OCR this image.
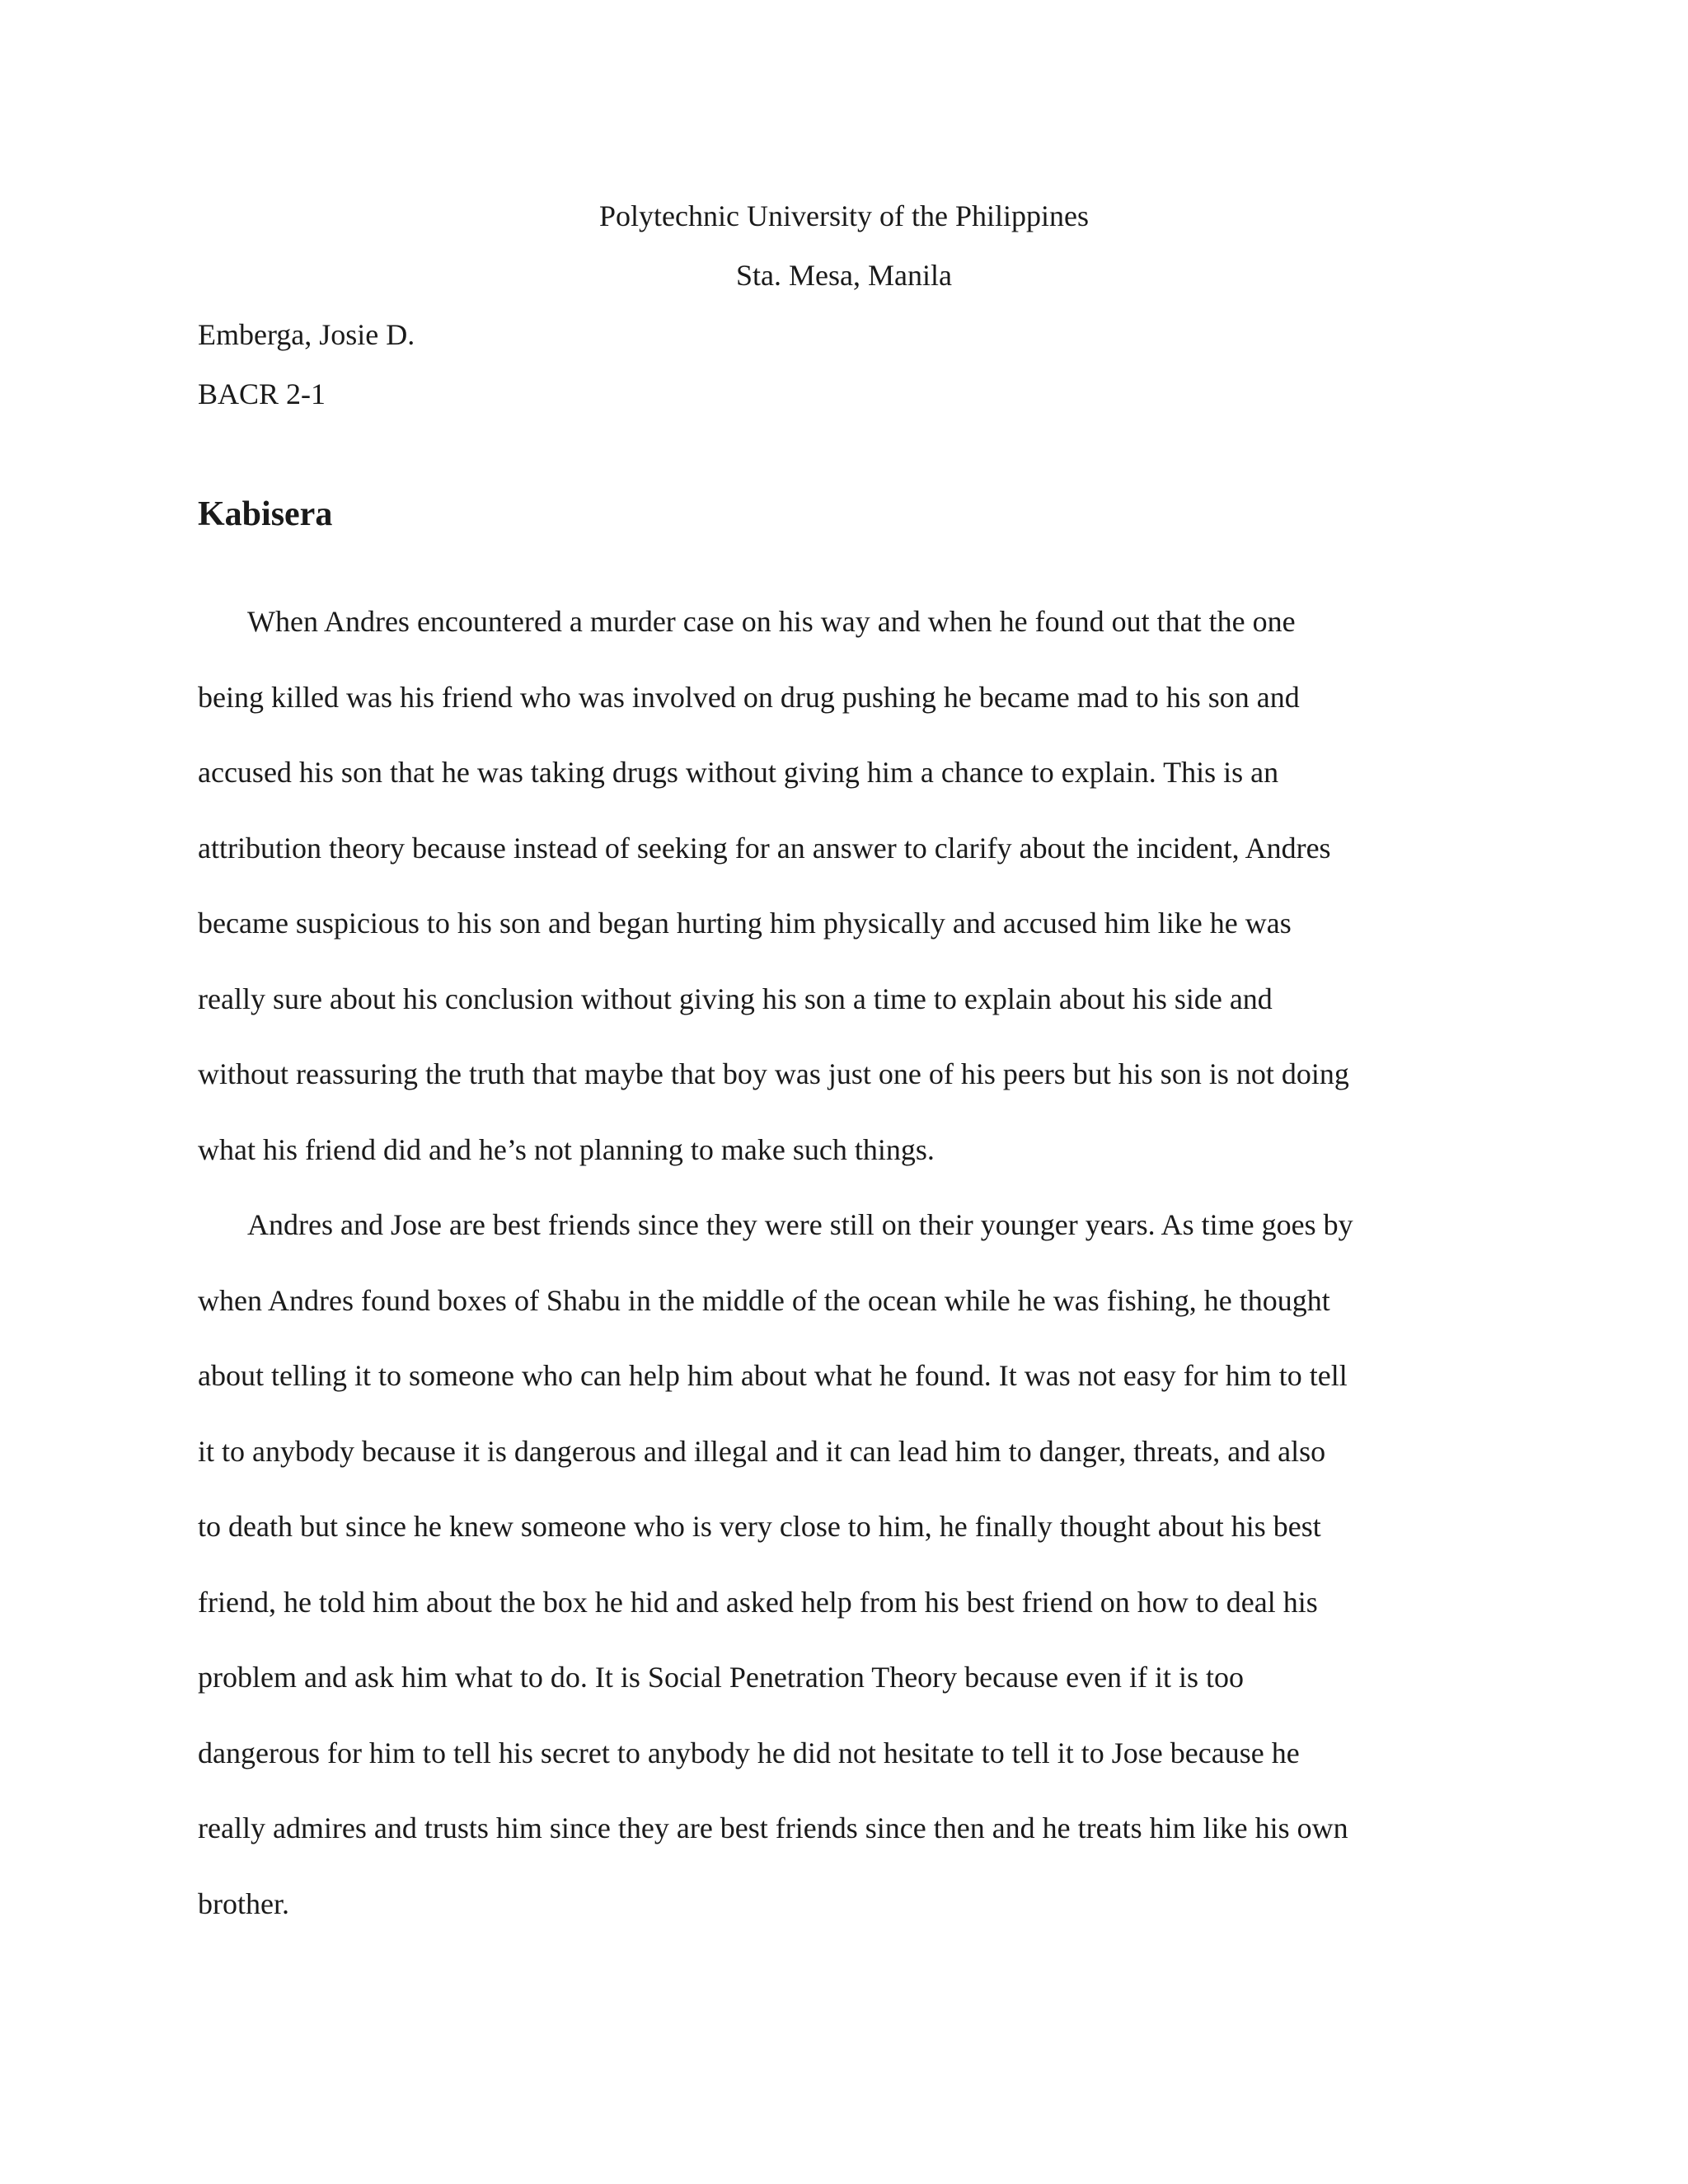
Polytechnic University of the Philippines
Sta. Mesa, Manila
Emberga, Josie D.
BACR 2-1
Kabisera
When Andres encountered a murder case on his way and when he found out that the one
being killed was his friend who was involved on drug pushing he became mad to his son and
accused his son that he was taking drugs without giving him a chance to explain. This is an
attribution theory because instead of seeking for an answer to clarify about the incident, Andres
became suspicious to his son and began hurting him physically and accused him like he was
really sure about his conclusion without giving his son a time to explain about his side and
without reassuring the truth that maybe that boy was just one of his peers but his son is not doing
what his friend did and he’s not planning to make such things.
Andres and Jose are best friends since they were still on their younger years. As time goes by
when Andres found boxes of Shabu in the middle of the ocean while he was fishing, he thought
about telling it to someone who can help him about what he found. It was not easy for him to tell
it to anybody because it is dangerous and illegal and it can lead him to danger, threats, and also
to death but since he knew someone who is very close to him, he finally thought about his best
friend, he told him about the box he hid and asked help from his best friend on how to deal his
problem and ask him what to do. It is Social Penetration Theory because even if it is too
dangerous for him to tell his secret to anybody he did not hesitate to tell it to Jose because he
really admires and trusts him since they are best friends since then and he treats him like his own
brother.
